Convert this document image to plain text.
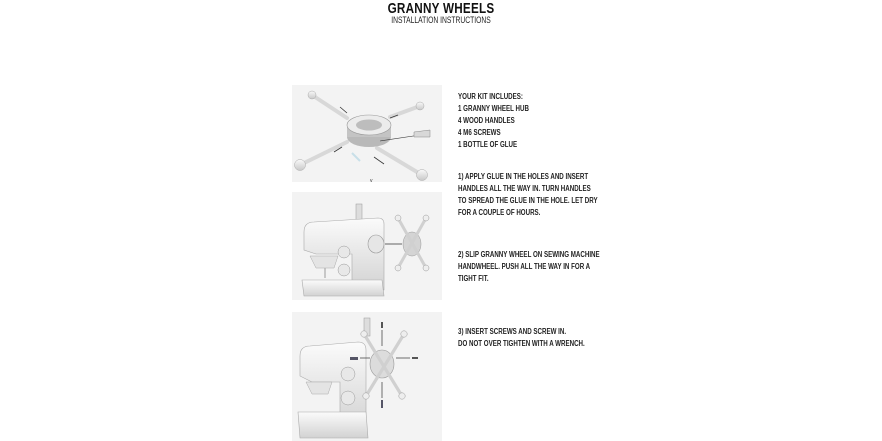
GRANNY WHEELS
INSTALLATION INSTRUCTIONS
v
YOUR KIT INCLUDES:
1 GRANNY WHEEL HUB
4 WOOD HANDLES
4 M6 SCREWS
1 BOTTLE OF GLUE
1) APPLY GLUE IN THE HOLES AND INSERT
HANDLES ALL THE WAY IN. TURN HANDLES
TO SPREAD THE GLUE IN THE HOLE. LET DRY
FOR A COUPLE OF HOURS.
2) SLIP GRANNY WHEEL ON SEWING MACHINE
HANDWHEEL. PUSH ALL THE WAY IN FOR A
TIGHT FIT.
3) INSERT SCREWS AND SCREW IN.
DO NOT OVER TIGHTEN WITH A WRENCH.
